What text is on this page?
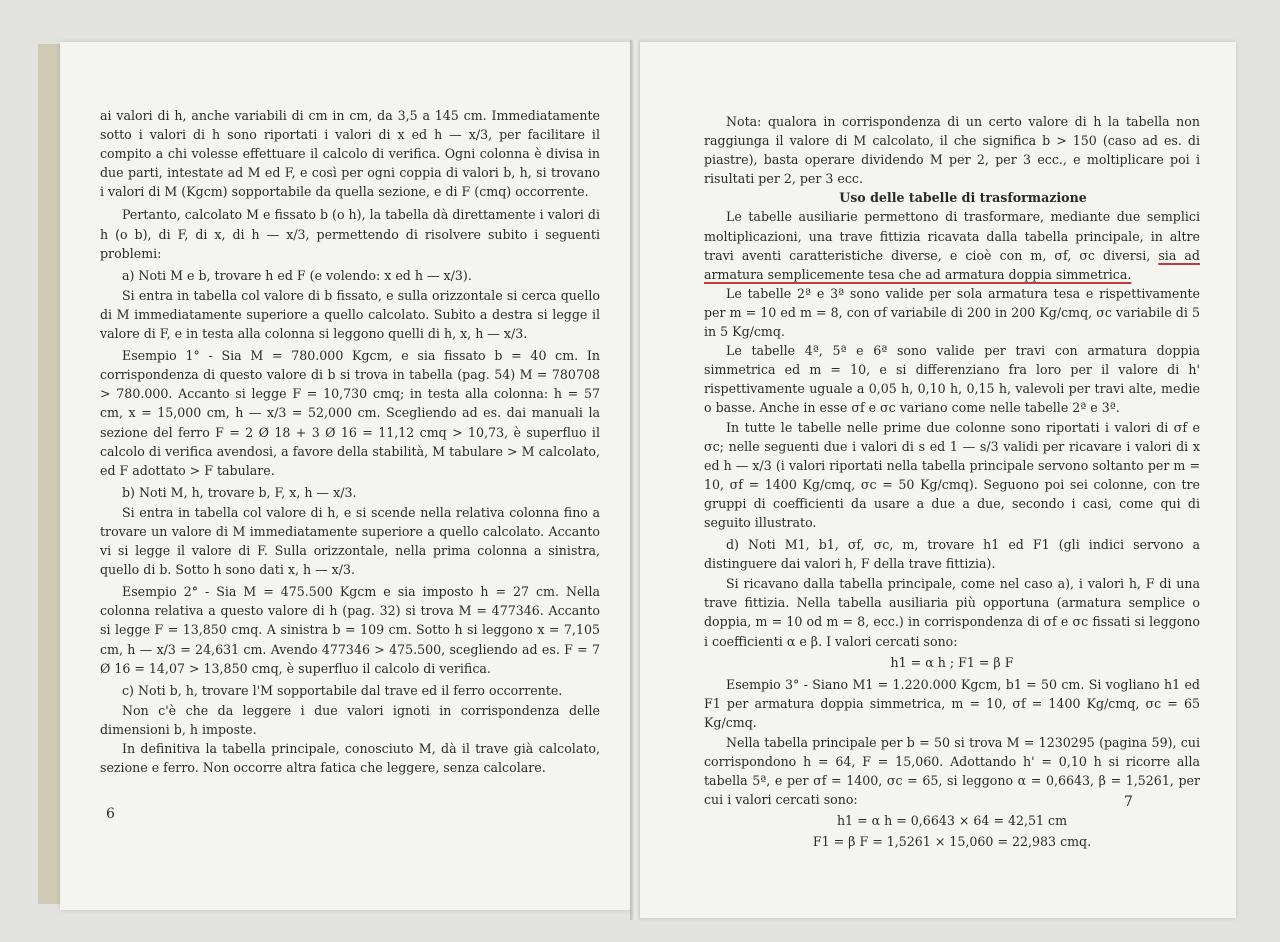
ai valori di h, anche variabili di cm in cm, da 3,5 a 145 cm. Immediatamente sotto i valori di h sono riportati i valori di x ed h — x/3, per facilitare il compito a chi volesse effettuare il calcolo di verifica. Ogni colonna è divisa in due parti, intestate ad M ed F, e così per ogni coppia di valori b, h, si trovano i valori di M (Kgcm) sopportabile da quella sezione, e di F (cmq) occorrente.

Pertanto, calcolato M e fissato b (o h), la tabella dà direttamente i valori di h (o b), di F, di x, di h — x/3, permettendo di risolvere subito i seguenti problemi:

a) Noti M e b, trovare h ed F (e volendo: x ed h — x/3).

Si entra in tabella col valore di b fissato, e sulla orizzontale si cerca quello di M immediatamente superiore a quello calcolato. Subito a destra si legge il valore di F, e in testa alla colonna si leggono quelli di h, x, h — x/3.

Esempio 1° - Sia M = 780.000 Kgcm, e sia fissato b = 40 cm. In corrispondenza di questo valore di b si trova in tabella (pag. 54) M = 780708 > 780.000. Accanto si legge F = 10,730 cmq; in testa alla colonna: h = 57 cm, x = 15,000 cm, h — x/3 = 52,000 cm. Scegliendo ad es. dai manuali la sezione del ferro F = 2 Ø 18 + 3 Ø 16 = 11,12 cmq > 10,73, è superfluo il calcolo di verifica avendosi, a favore della stabilità, M tabulare > M calcolato, ed F adottato > F tabulare.

b) Noti M, h, trovare b, F, x, h — x/3.

Si entra in tabella col valore di h, e si scende nella relativa colonna fino a trovare un valore di M immediatamente superiore a quello calcolato. Accanto vi si legge il valore di F. Sulla orizzontale, nella prima colonna a sinistra, quello di b. Sotto h sono dati x, h — x/3.

Esempio 2° - Sia M = 475.500 Kgcm e sia imposto h = 27 cm. Nella colonna relativa a questo valore di h (pag. 32) si trova M = 477346. Accanto si legge F = 13,850 cmq. A sinistra b = 109 cm. Sotto h si leggono x = 7,105 cm, h — x/3 = 24,631 cm. Avendo 477346 > 475.500, scegliendo ad es. F = 7 Ø 16 = 14,07 > 13,850 cmq, è superfluo il calcolo di verifica.

c) Noti b, h, trovare l'M sopportabile dal trave ed il ferro occorrente.

Non c'è che da leggere i due valori ignoti in corrispondenza delle dimensioni b, h imposte.

In definitiva la tabella principale, conosciuto M, dà il trave già calcolato, sezione e ferro. Non occorre altra fatica che leggere, senza calcolare.

6

Nota: qualora in corrispondenza di un certo valore di h la tabella non raggiunga il valore di M calcolato, il che significa b > 150 (caso ad es. di piastre), basta operare dividendo M per 2, per 3 ecc., e moltiplicare poi i risultati per 2, per 3 ecc.

Uso delle tabelle di trasformazione

Le tabelle ausiliarie permettono di trasformare, mediante due semplici moltiplicazioni, una trave fittizia ricavata dalla tabella principale, in altre travi aventi caratteristiche diverse, e cioè con m, σf, σc diversi, sia ad armatura semplicemente tesa che ad armatura doppia simmetrica.

Le tabelle 2ª e 3ª sono valide per sola armatura tesa e rispettivamente per m = 10 ed m = 8, con σf variabile di 200 in 200 Kg/cmq, σc variabile di 5 in 5 Kg/cmq.

Le tabelle 4ª, 5ª e 6ª sono valide per travi con armatura doppia simmetrica ed m = 10, e si differenziano fra loro per il valore di h' rispettivamente uguale a 0,05 h, 0,10 h, 0,15 h, valevoli per travi alte, medie o basse. Anche in esse σf e σc variano come nelle tabelle 2ª e 3ª.

In tutte le tabelle nelle prime due colonne sono riportati i valori di σf e σc; nelle seguenti due i valori di s ed 1 — s/3 validi per ricavare i valori di x ed h — x/3 (i valori riportati nella tabella principale servono soltanto per m = 10, σf = 1400 Kg/cmq, σc = 50 Kg/cmq). Seguono poi sei colonne, con tre gruppi di coefficienti da usare a due a due, secondo i casi, come qui di seguito illustrato.

d) Noti M1, b1, σf, σc, m, trovare h1 ed F1 (gli indici servono a distinguere dai valori h, F della trave fittizia).

Si ricavano dalla tabella principale, come nel caso a), i valori h, F di una trave fittizia. Nella tabella ausiliaria più opportuna (armatura semplice o doppia, m = 10 od m = 8, ecc.) in corrispondenza di σf e σc fissati si leggono i coefficienti α e β. I valori cercati sono:

h1 = α h ; F1 = β F

Esempio 3° - Siano M1 = 1.220.000 Kgcm, b1 = 50 cm. Si vogliano h1 ed F1 per armatura doppia simmetrica, m = 10, σf = 1400 Kg/cmq, σc = 65 Kg/cmq.

Nella tabella principale per b = 50 si trova M = 1230295 (pagina 59), cui corrispondono h = 64, F = 15,060. Adottando h' = 0,10 h si ricorre alla tabella 5ª, e per σf = 1400, σc = 65, si leggono α = 0,6643, β = 1,5261, per cui i valori cercati sono:

h1 = α h = 0,6643 × 64 = 42,51 cm

F1 = β F = 1,5261 × 15,060 = 22,983 cmq.

7
